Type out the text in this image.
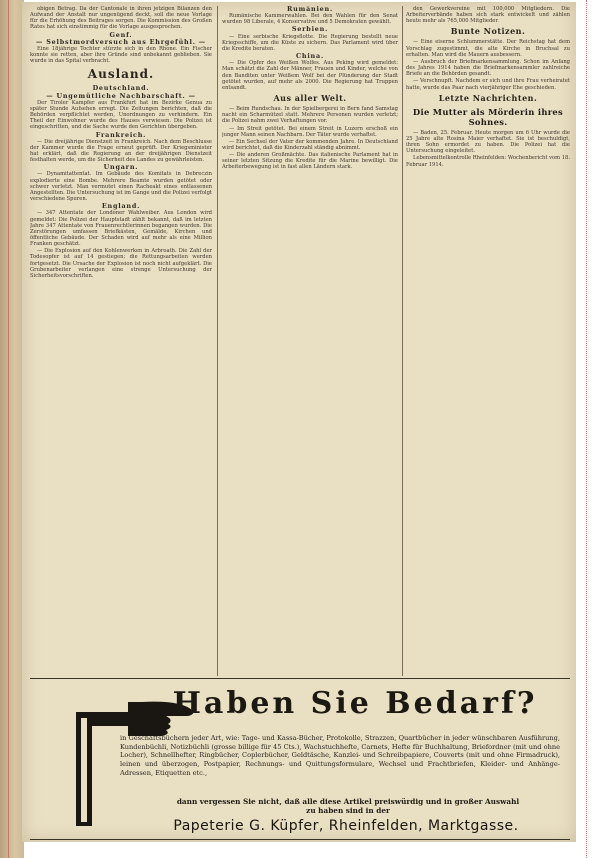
obigen Betrag. Da der Cantonale in ihren jetzigen Bilanzen den Aufwand der Anstalt nur ungenügend deckt, soll die neue Vorlage für die Erhöhung des Beitrages sorgen. Die Kommission des Großen Rates hat sich einstimmig für die Vorlage ausgesprochen.

Genf.

— Selbstmordversuch aus Ehrgefühl. —

Eine 18jährige Tochter stürzte sich in den Rhone. Ein Fischer konnte sie retten, aber ihre Gründe sind unbekannt geblieben. Sie wurde in das Spital verbracht.

Ausland.

Deutschland.

— Ungemütliche Nachbarschaft. —

Der Tiroler Kampfer aus Frankfurt hat im Bezirke Genua zu später Stunde Aufsehen erregt. Die Zeitungen berichten, daß die Behörden verpflichtet werden, Unordnungen zu verhindern. Ein Theil der Einwohner wurde des Hauses verwiesen. Die Polizei ist eingeschritten, und die Sache wurde den Gerichten übergeben.

Frankreich.

— Die dreijährige Dienstzeit in Frankreich. Nach dem Beschlusse der Kammer wurde die Frage erneut geprüft. Der Kriegsminister hat erklärt, daß die Regierung an der dreijährigen Dienstzeit festhalten werde, um die Sicherheit des Landes zu gewährleisten.

Ungarn.

— Dynamitattentat. Im Gebäude des Komitats in Debreczin explodierte eine Bombe. Mehrere Beamte wurden getötet oder schwer verletzt. Man vermutet einen Racheakt eines entlassenen Angestellten. Die Untersuchung ist im Gange und die Polizei verfolgt verschiedene Spuren.

England.

— 347 Attentate der Londoner Wahlweiber. Aus London wird gemeldet: Die Polizei der Hauptstadt zählt bekannt, daß im letzten Jahre 347 Attentate von Frauenrechtlerinnen begangen wurden. Die Zerstörungen umfassen Briefkästen, Gemälde, Kirchen und öffentliche Gebäude. Der Schaden wird auf mehr als eine Million Franken geschätzt.

— Die Explosion auf den Kohlenwerken in Arbroath. Die Zahl der Todesopfer ist auf 14 gestiegen; die Rettungsarbeiten werden fortgesetzt. Die Ursache der Explosion ist noch nicht aufgeklärt. Die Grubenarbeiter verlangen eine strenge Untersuchung der Sicherheitsvorschriften.

Rumänien.

Rumänische Kammerwahlen. Bei den Wahlen für den Senat wurden 98 Liberale, 4 Konservative und 5 Demokraten gewählt.

Serbien.

— Eine serbische Kriegsflotte. Die Regierung bestellt neue Kriegsschiffe, um die Küste zu sichern. Das Parlament wird über die Kredite beraten.

China.

— Die Opfer des Weißen Wolfes. Aus Peking wird gemeldet: Man schätzt die Zahl der Männer, Frauen und Kinder, welche von den Banditen unter Weißem Wolf bei der Plünderung der Stadt getötet wurden, auf mehr als 2000. Die Regierung hat Truppen entsandt.

Aus aller Welt.

— Beim Rundschau. In der Spielbergerei in Bern fand Samstag nacht ein Scharmützel statt. Mehrere Personen wurden verletzt; die Polizei nahm zwei Verhaftungen vor.

— Im Streit getötet. Bei einem Streit in Luzern erschoß ein junger Mann seinen Nachbarn. Der Täter wurde verhaftet.

— Ein Sechsel der Vater der kommenden Jahre. In Deutschland wird berichtet, daß die Kinderzahl ständig abnimmt.

— Die anderen Großmächte. Das italienische Parlament hat in seiner letzten Sitzung die Kredite für die Marine bewilligt. Die Arbeiterbewegung ist in fast allen Ländern stark.

den Gewerkvereine mit 100,000 Mitgliedern. Die Arbeiterverbände haben sich stark entwickelt und zählen heute mehr als 765,000 Mitglieder.

Bunte Notizen.

— Eine eiserne Schlummerstätte. Der Reichstag hat dem Vorschlag zugestimmt, die alte Kirche in Bruchsal zu erhalten. Man wird die Mauern ausbessern.

— Ausbruch der Briefmarkensammlung. Schon im Anfang des Jahres 1914 haben die Briefmarkensammler zahlreiche Briefe an die Behörden gesandt.

— Verschnupft. Nachdem er sich und ihre Frau verheiratet hatte, wurde das Paar nach vierjähriger Ehe geschieden.

Letzte Nachrichten.
Die Mutter als Mörderin ihres Sohnes.

— Baden, 25. Februar. Heute morgen um 6 Uhr wurde die 25 Jahre alte Rosina Maier verhaftet. Sie ist beschuldigt, ihren Sohn ermordet zu haben. Die Polizei hat die Untersuchung eingeleitet.

Lebensmittelkontrolle Rheinfelden: Wochenbericht vom 18. Februar 1914.

Haben Sie Bedarf?
in Geschäftsbüchern jeder Art, wie: Tage- und Kassa-Bücher, Protokolle, Strazzen, Quartbücher in jeder wünschbaren Ausführung, Kundenbüchli, Notizbüchli (grosse billige für 45 Cts.), Wachstuchhefte, Carnets, Hefte für Buchhaltung, Briefordner (mit und ohne Locher), Schnellhefter, Ringbücher, Coplerbücher, Geldtäsche, Kanzlei- und Schreibpapiere, Couverts (mit und ohne Firmadruck), leinen und überzogen, Postpapier, Rechnungs- und Quittungsformulare, Wechsel und Frachtbriefen, Kleider- und Anhänge-Adressen, Etiquetten etc.,
dann vergessen Sie nicht, daß alle diese Artikel preiswürdig und in großer Auswahl
zu haben sind in der
Papeterie G. Küpfer, Rheinfelden, Marktgasse.
